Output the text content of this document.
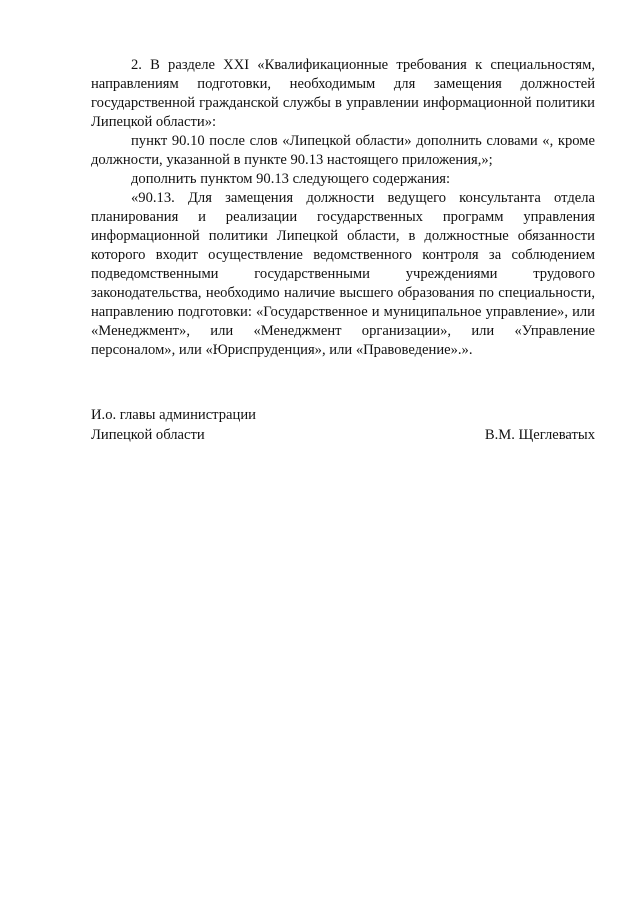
2. В разделе XXI «Квалификационные требования к специальностям, направлениям подготовки, необходимым для замещения должностей государственной гражданской службы в управлении информационной политики Липецкой области»:

пункт 90.10 после слов «Липецкой области» дополнить словами «, кроме должности, указанной в пункте 90.13 настоящего приложения,»;

дополнить пунктом 90.13 следующего содержания:

«90.13. Для замещения должности ведущего консультанта отдела планирования и реализации государственных программ управления информационной политики Липецкой области, в должностные обязанности которого входит осуществление ведомственного контроля за соблюдением подведомственными государственными учреждениями трудового законодательства, необходимо наличие высшего образования по специальности, направлению подготовки: «Государственное и муниципальное управление», или «Менеджмент», или «Менеджмент организации», или «Управление персоналом», или «Юриспруденция», или «Правоведение».».

И.о. главы администрации
Липецкой области	В.М. Щеглеватых
